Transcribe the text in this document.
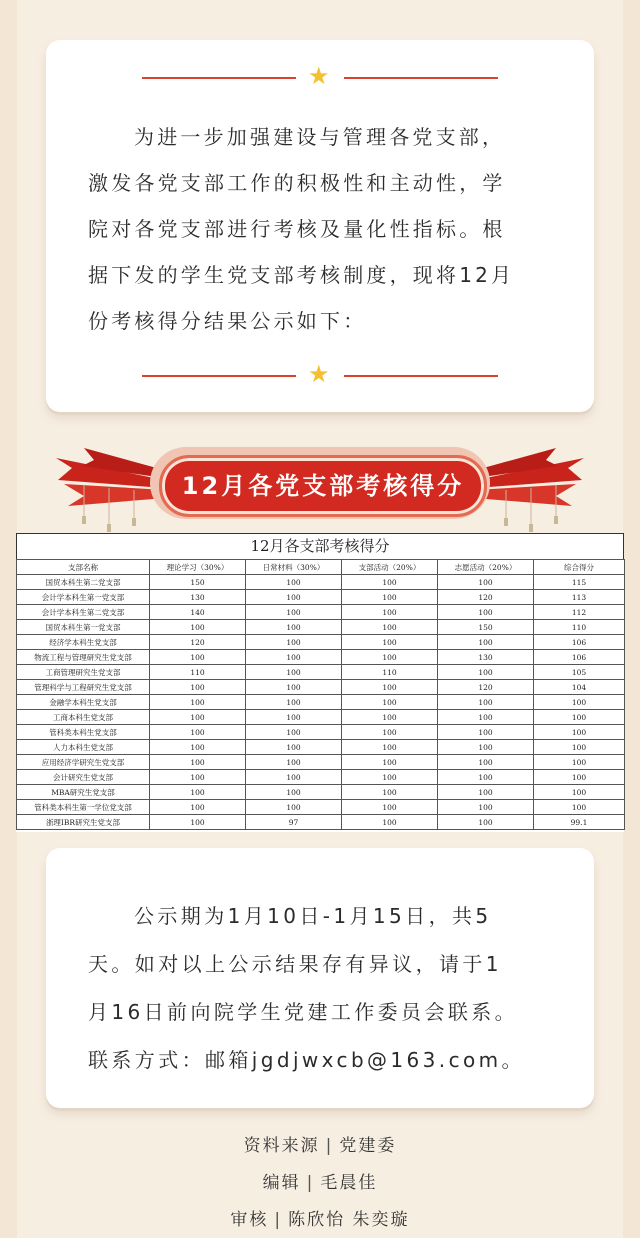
★
为进一步加强建设与管理各党支部，
激发各党支部工作的积极性和主动性，学
院对各党支部进行考核及量化性指标。根
据下发的学生党支部考核制度，现将12月
份考核得分结果公示如下：
★
12月各党支部考核得分
12月各支部考核得分
支部名称	理论学习（30%）	日常材料（30%）	支部活动（20%）	志愿活动（20%）	综合得分
国贸本科生第二党支部	150	100	100	100	115
会计学本科生第一党支部	130	100	100	120	113
会计学本科生第二党支部	140	100	100	100	112
国贸本科生第一党支部	100	100	100	150	110
经济学本科生党支部	120	100	100	100	106
物流工程与管理研究生党支部	100	100	100	130	106
工商管理研究生党支部	110	100	110	100	105
管理科学与工程研究生党支部	100	100	100	120	104
金融学本科生党支部	100	100	100	100	100
工商本科生党支部	100	100	100	100	100
管科类本科生党支部	100	100	100	100	100
人力本科生党支部	100	100	100	100	100
应用经济学研究生党支部	100	100	100	100	100
会计研究生党支部	100	100	100	100	100
MBA研究生党支部	100	100	100	100	100
管科类本科生第一学位党支部	100	100	100	100	100
浙理IBR研究生党支部	100	97	100	100	99.1
公示期为1月10日-1月15日，共5
天。如对以上公示结果存有异议，请于1
月16日前向院学生党建工作委员会联系。
联系方式：邮箱jgdjwxcb@163.com。
资料来源 | 党建委
编辑 | 毛晨佳
审核 | 陈欣怡 朱奕璇
